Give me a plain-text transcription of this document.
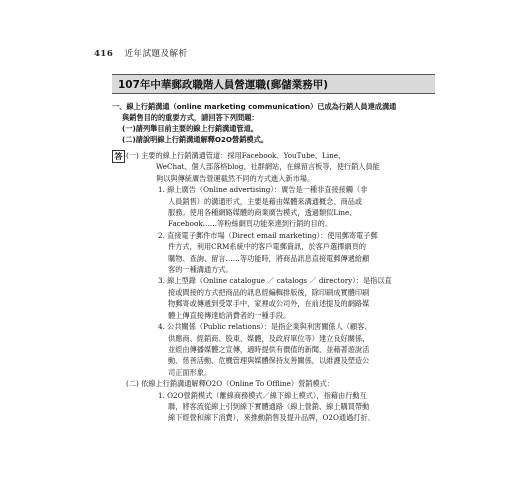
416 近年試題及解析
107年中華郵政職階人員營運職(郵儲業務甲)
一、線上行銷溝通（online marketing communication）已成為行銷人員達成溝通
與銷售目的的重要方式，請回答下列問題：
(一)請列舉目前主要的線上行銷溝通管道。
(二)請說明線上行銷溝通解釋O2O營銷模式。
答 (一) 主要的線上行銷溝通管道：採用Facebook、YouTube、Line、
WeChat、個人部落格blog、社群網站，在線留言板等，使行銷人員能
夠以與傳統廣告營運截然不同的方式進入新市場。
1. 線上廣告（Online advertising）：廣告是一種非直接接觸（非
人員銷售）的溝通形式，主要是藉由媒體來溝通概念、商品或
服務。使用各種網路媒體的商業廣告模式，透過類似Line、
Facebook……等粉絲網頁功能來達到行銷的目的。
2. 直接電子郵件市場（Direct email marketing）：使用郵寄電子郵
件方式，利用CRM系統中的客戶電郵資訊，於客戶選擇網頁的
購物、查詢、留言……等功能時，將商品訊息直接電郵傳遞給顧
客的一種溝通方式。
3. 線上型錄（Online catalogue ／ catalogs ／ directory）：是指以直
接或間接的方式把商品的訊息經編輯排版後，除印刷成實體印刷
物郵寄或傳遞到受眾手中，家裡或公司外，在前述提及的網路媒
體上傳直接傳達給消費者的一種手段。
4. 公共關係（Public relations）：是指企業與利害關係人（顧客、
供應商、經銷商、股東、媒體，及政府單位等）建立良好關係，
並經由傳播媒體之宣傳，適時提供有價值的新聞，並藉著遊說活
動、慈善活動、危機管理與媒體保持友善關係，以維護及塑造公
司正面形象。
(二) 依線上行銷溝通解釋O2O（Online To Offline）營銷模式：
1. O2O營銷模式（離線商務模式／線下線上模式），指藉由行動互
聯，將客流從線上引到線下實體通路（線上營銷、線上購買帶動
線下經營和線下消費），來推動銷售及提升品牌，O2O通過打折、
